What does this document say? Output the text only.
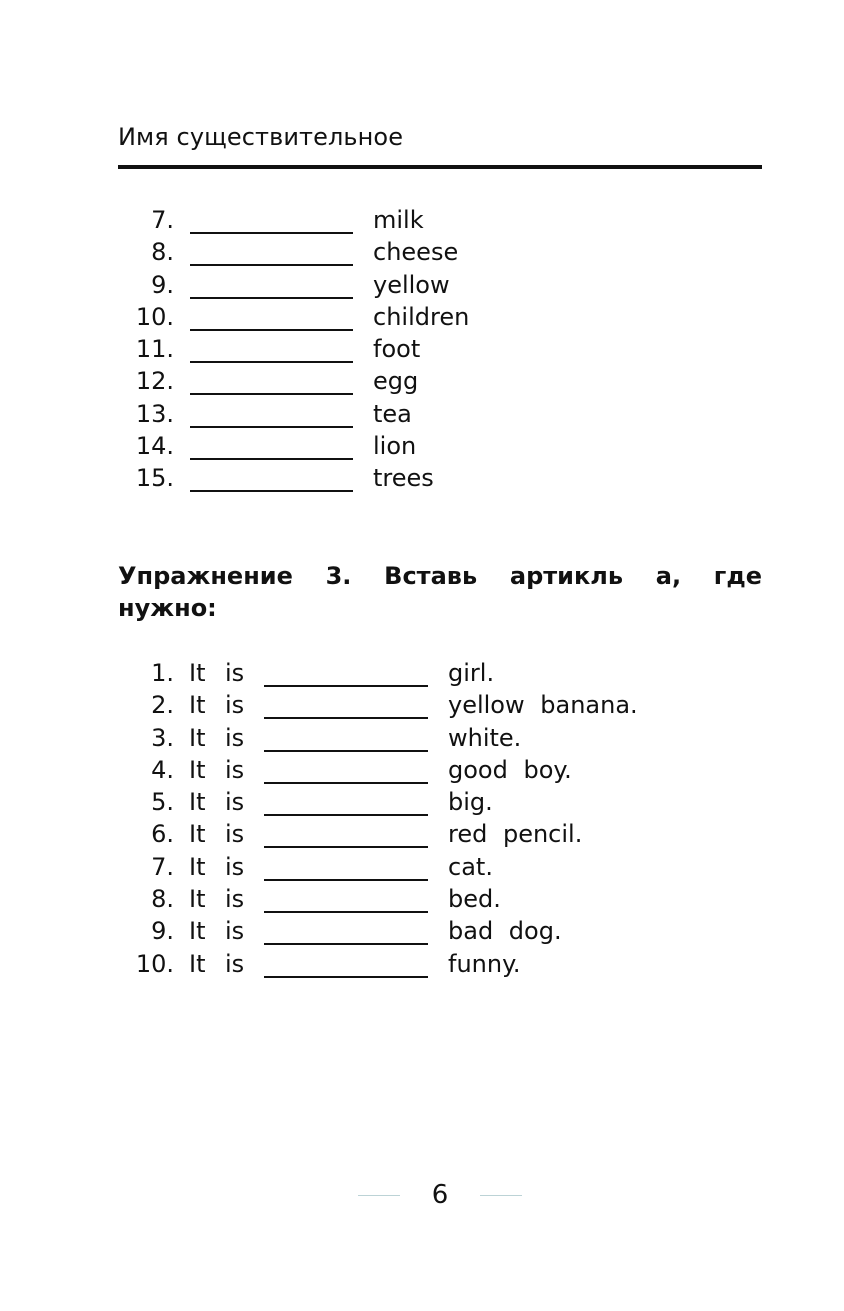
Имя существительное
7.	milk
8.	cheese
9.	yellow
10.	children
11.	foot
12.	egg
13.	tea
14.	lion
15.	trees
Упражнение 3. Вставь артикль a, где нужно:
1. It is	girl.
2. It is	yellow banana.
3. It is	white.
4. It is	good boy.
5. It is	big.
6. It is	red pencil.
7. It is	cat.
8. It is	bed.
9. It is	bad dog.
10. It is	funny.
6
